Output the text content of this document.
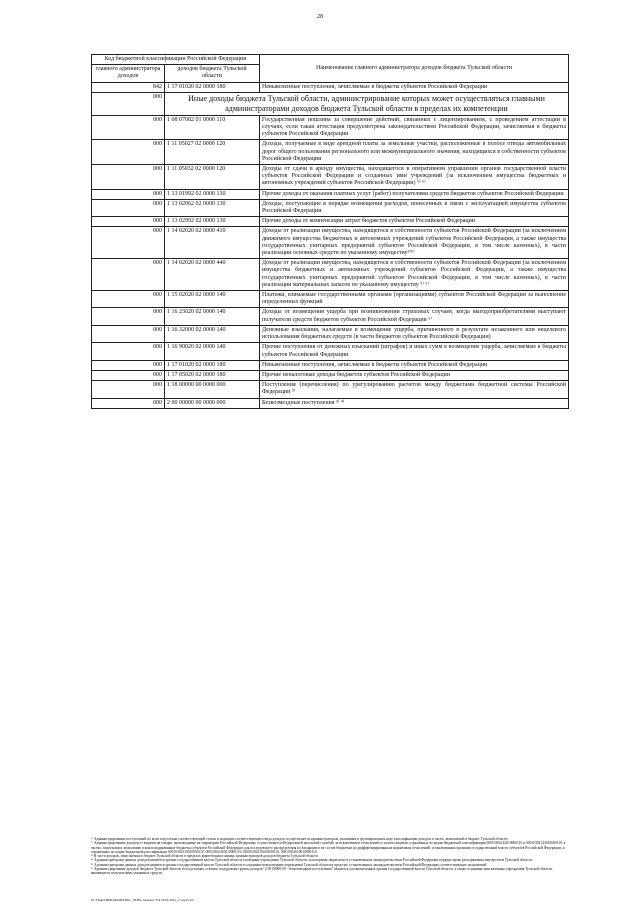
28
Код бюджетной классификации Российской Федерации		Наименование главного администратора доходов бюджета Тульской области
главного администратора доходов	доходов бюджета Тульской области	
842	1 17 01020 02 0000 180	Невыясненные поступления, зачисляемые в бюджеты субъектов Российской Федерации
000	Иные доходы бюджета Тульской области, администрирование которых может осуществляться главными администраторами доходов бюджета Тульской области в пределах их компетенции	
000	1 08 07082 01 0000 110	Государственная пошлина за совершение действий, связанных с лицензированием, с проведением аттестации в случаях, если такая аттестация предусмотрена законодательством Российской Федерации, зачисляемая в бюджеты субъектов Российской Федерации
000	1 11 05027 02 0000 120	Доходы, получаемые в виде арендной платы за земельные участки, расположенные в полосе отвода автомобильных дорог общего пользования регионального или межмуниципального значения, находящихся в собственности субъектов Российской Федерации
000	1 11 05032 02 0000 120	Доходы от сдачи в аренду имущества, находящегося в оперативном управлении органов государственной власти субъектов Российской Федерации и созданных ими учреждений (за исключением имущества бюджетных и автономных учреждений субъектов Российской Федерации) ⁵⁾ ⁶⁾
000	1 13 01992 02 0000 130	Прочие доходы от оказания платных услуг (работ) получателями средств бюджетов субъектов Российской Федерации
000	1 13 02062 02 0000 130	Доходы, поступающие в порядке возмещения расходов, понесенных в связи с эксплуатацией имущества субъектов Российской Федерации
000	1 13 02992 02 0000 130	Прочие доходы от компенсации затрат бюджетов субъектов Российской Федерации
000	1 14 02020 02 0000 410	Доходы от реализации имущества, находящегося в собственности субъектов Российской Федерации (за исключением движимого имущества бюджетных и автономных учреждений субъектов Российской Федерации, а также имущества государственных унитарных предприятий субъектов Российской Федерации, в том числе казенных), в части реализации основных средств по указанному имуществу⁵⁾⁶⁾
000	1 14 02020 02 0000 440	Доходы от реализации имущества, находящегося в собственности субъектов Российской Федерации (за исключением имущества бюджетных и автономных учреждений субъектов Российской Федерации, а также имущества государственных унитарных предприятий субъектов Российской Федерации, в том числе казенных), в части реализации материальных запасов по указанному имуществу ⁵⁾ ⁶⁾
000	1 15 02020 02 0000 140	Платежи, взимаемые государственными органами (организациями) субъектов Российской Федерации за выполнение определенных функций
000	1 16 23020 02 0000 140	Доходы от возмещения ущерба при возникновении страховых случаев, когда выгодоприобретателями выступают получатели средств бюджетов субъектов Российской Федерации ⁵⁾
000	1 16 32000 02 0000 140	Денежные взыскания, налагаемые в возмещение ущерба, причиненного в результате незаконного или нецелевого использования бюджетных средств (в части бюджетов субъектов Российской Федерации)
000	1 16 90020 02 0000 140	Прочие поступления от денежных взысканий (штрафов) и иных сумм в возмещение ущерба, зачисляемые в бюджеты субъектов Российской Федерации
000	1 17 01020 02 0000 180	Невыясненные поступления, зачисляемые в бюджеты субъектов Российской Федерации
000	1 17 05020 02 0000 180	Прочие неналоговые доходы бюджетов субъектов Российской Федерации
000	1 18 00000 00 0000 000	Поступления (перечисления) по урегулированию расчетов между бюджетами бюджетной системы Российской Федерации ³⁾
000	2 00 00000 00 0000 000	Безвозмездные поступления ³⁾ ⁴⁾

¹⁾ Администрирование поступлений по всем подстатьям соответствующей статьи и подвидам соответствующего вида доходов осуществляется администратором, указанным в группировочном коде классификации доходов, в части, зачисляемой в бюджет Тульской области.

²⁾ Администрирование доходов от акцизов на товары, производимые на территории Российской Федерации, осуществляется Федеральной налоговой службой, за исключением отчислений от уплаты акцизов, отраженных по кодам бюджетной классификации 00010302142010000110 и 00010302143010000110, в частях, подлежащих зачислению в консолидированные бюджеты субъектов Российской Федерации для последующего распределения по входящим в их состав бюджетам по дифференцированным нормативам отчислений, установленным органами государственной власти субъектов Российской Федерации, и отраженных по кодам бюджетной классификации 00010302310010000110, 00010302410010000110, 00010302510010000110, 00010302610010000110.

³⁾ В части доходов, зачисляемых в бюджет Тульской области в пределах компетенции главных администраторов доходов бюджета Тульской области.

⁴⁾ Администраторами данных доходов являются органы государственной власти Тульской области и казенные учреждения Тульской области, за которыми закреплено в установленном законодательством Российской Федерации порядке право распоряжения имуществом Тульской области.

⁵⁾ Администраторами данных доходов являются органы государственной власти Тульской области и созданные ими казенные учреждения Тульской области в пределах установленных законодательством Российской Федерации соответствующих полномочий.

⁶⁾ Администрирование доходов бюджета Тульской области по подстатьям, статьям, подгруппам группы доходов "2 00 00000 00 - безвозмездные поступления" являются уполномоченные органы государственной власти Тульской области, а также созданные ими казенные учреждения Тульской области, являющиеся получателями указанных средств.

D:\УБАО\ИРБАКОБЛ\РАС_02\Вн. бюджет ТО 2019-2021_2 тпрт5.xls
